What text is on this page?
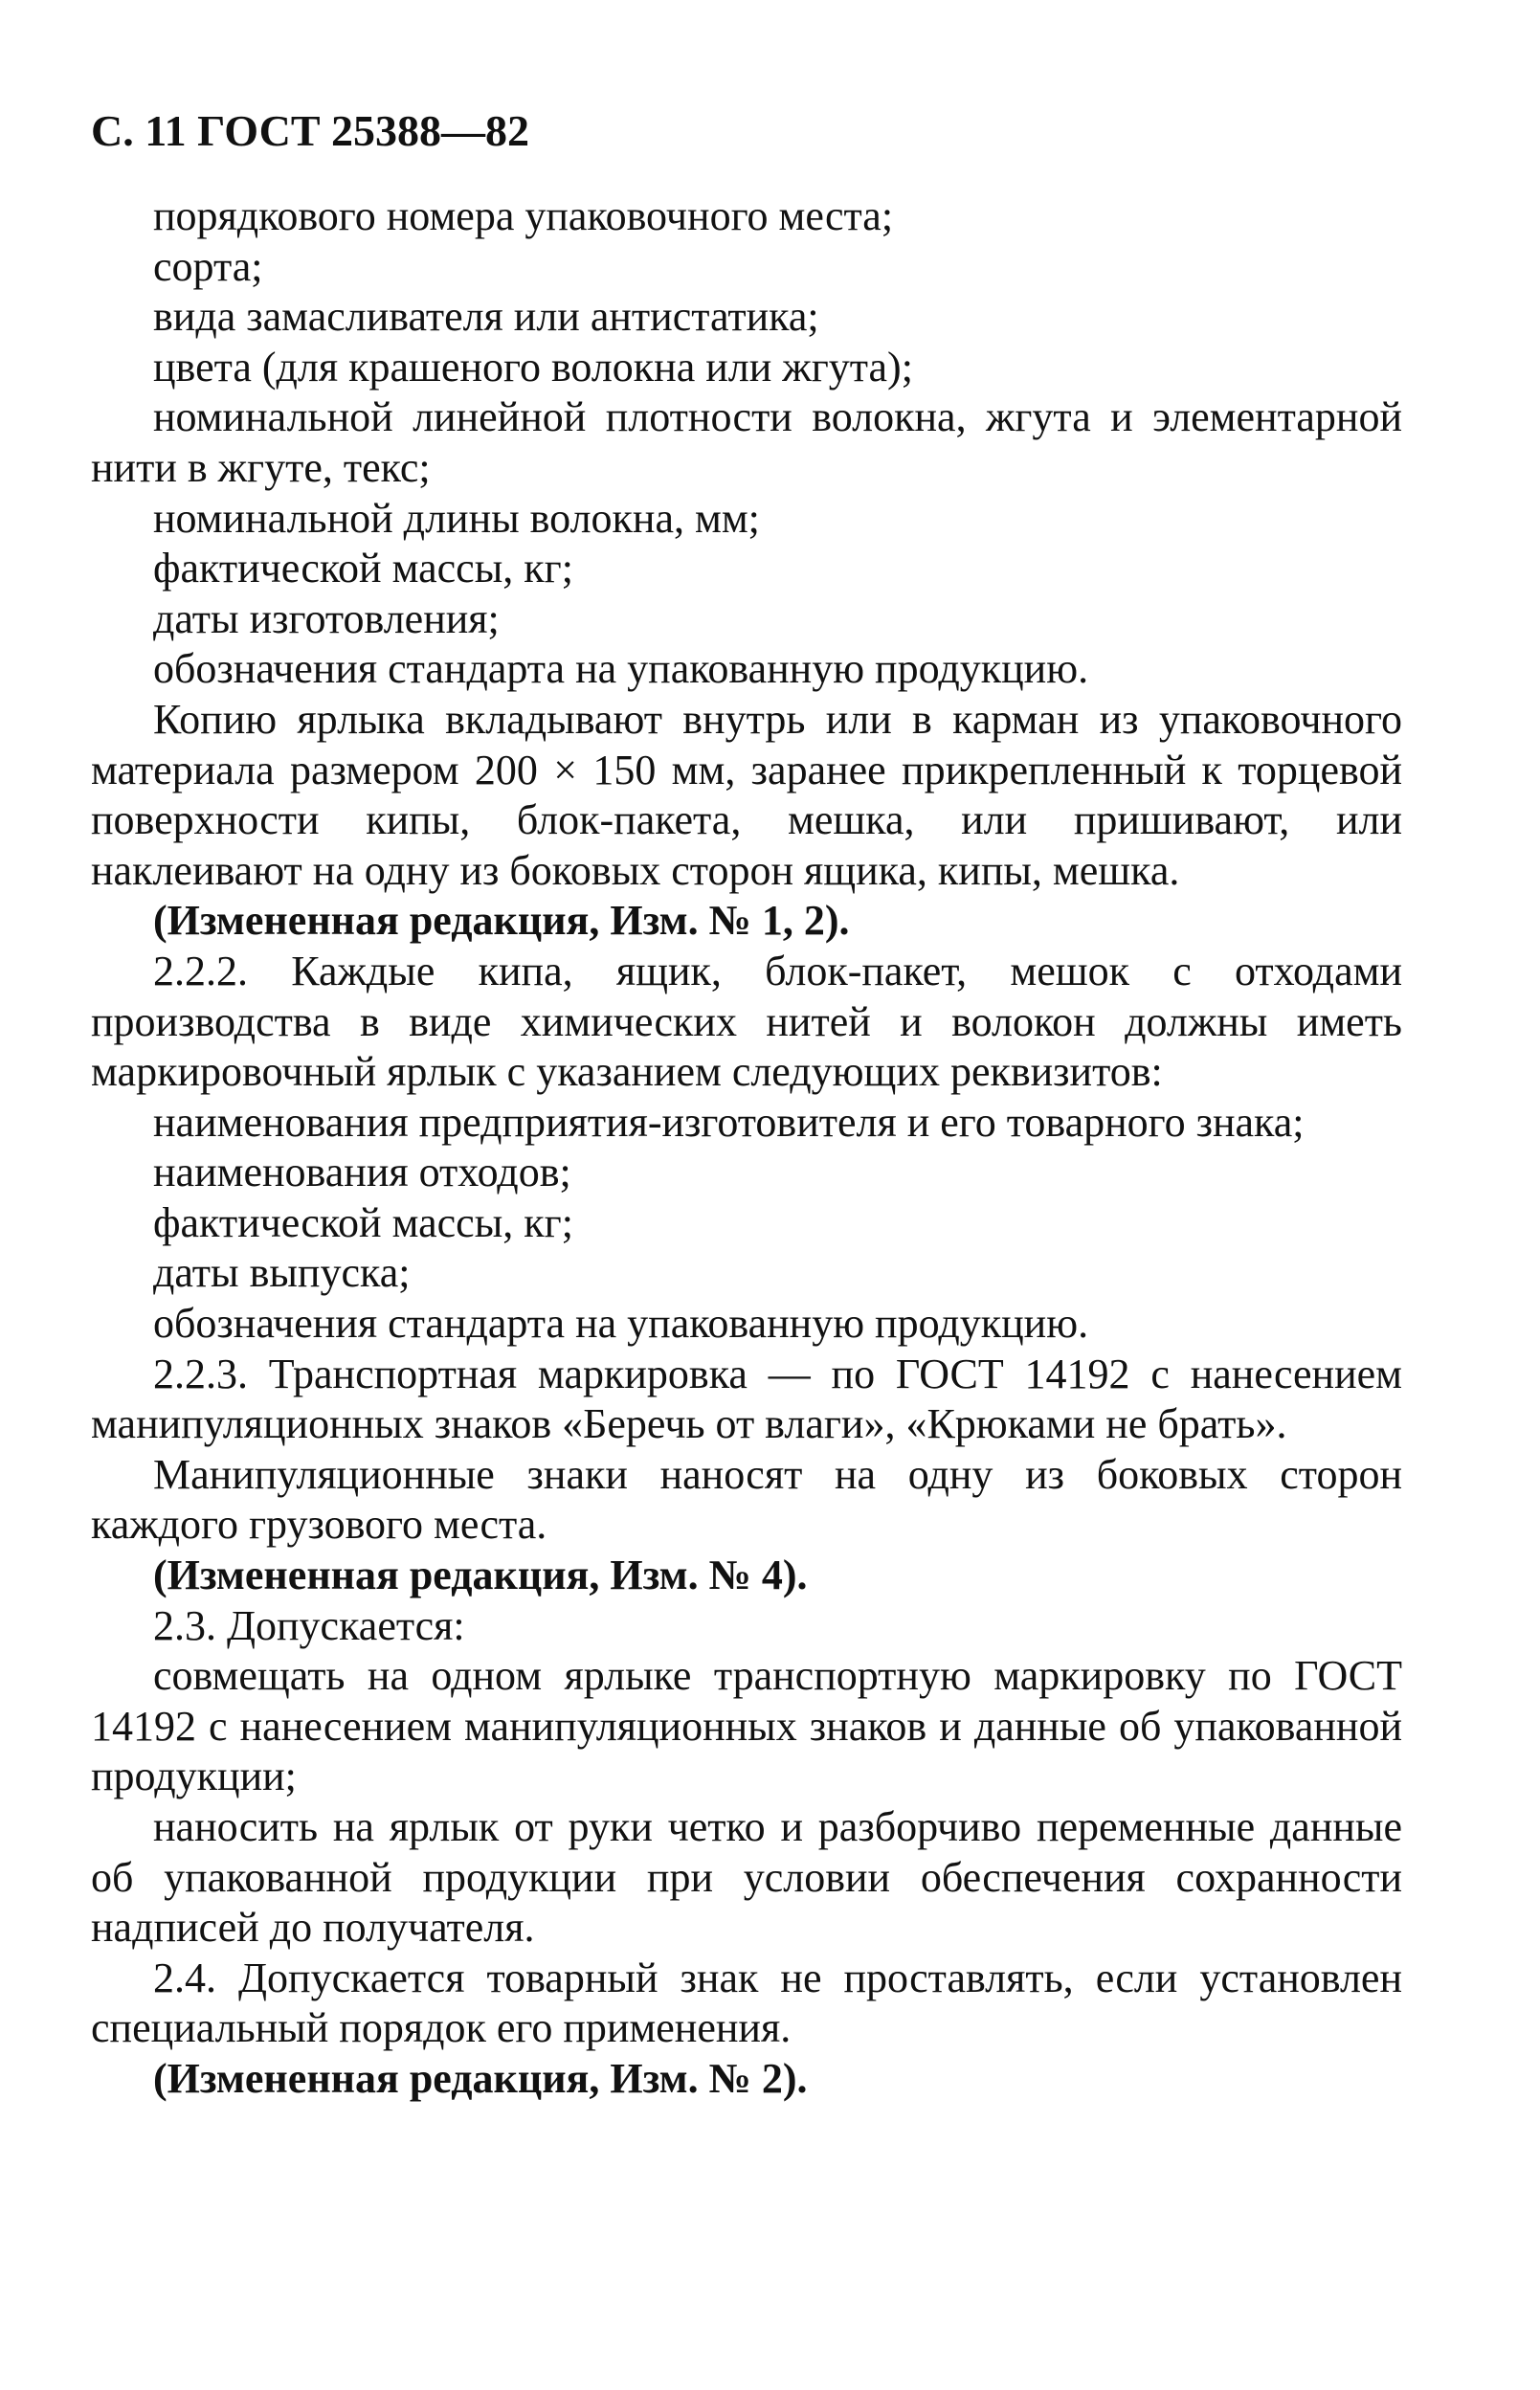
С. 11 ГОСТ 25388—82

порядкового номера упаковочного места;

сорта;

вида замасливателя или антистатика;

цвета (для крашеного волокна или жгута);

номинальной линейной плотности волокна, жгута и элементарной нити в жгуте, текс;

номинальной длины волокна, мм;

фактической массы, кг;

даты изготовления;

обозначения стандарта на упакованную продукцию.

Копию ярлыка вкладывают внутрь или в карман из упаковочного материала размером 200 × 150 мм, заранее прикрепленный к торцевой поверхности кипы, блок-пакета, мешка, или пришивают, или наклеивают на одну из боковых сторон ящика, кипы, мешка.

(Измененная редакция, Изм. № 1, 2).

2.2.2. Каждые кипа, ящик, блок-пакет, мешок с отходами производства в виде химических нитей и волокон должны иметь маркировочный ярлык с указанием следующих реквизитов:

наименования предприятия-изготовителя и его товарного знака;

наименования отходов;

фактической массы, кг;

даты выпуска;

обозначения стандарта на упакованную продукцию.

2.2.3. Транспортная маркировка — по ГОСТ 14192 с нанесением манипуляционных знаков «Беречь от влаги», «Крюками не брать».

Манипуляционные знаки наносят на одну из боковых сторон каждого грузового места.

(Измененная редакция, Изм. № 4).

2.3. Допускается:

совмещать на одном ярлыке транспортную маркировку по ГОСТ 14192 с нанесением манипуляционных знаков и данные об упакованной продукции;

наносить на ярлык от руки четко и разборчиво переменные данные об упакованной продукции при условии обеспечения сохранности надписей до получателя.

2.4. Допускается товарный знак не проставлять, если установлен специальный порядок его применения.

(Измененная редакция, Изм. № 2).
